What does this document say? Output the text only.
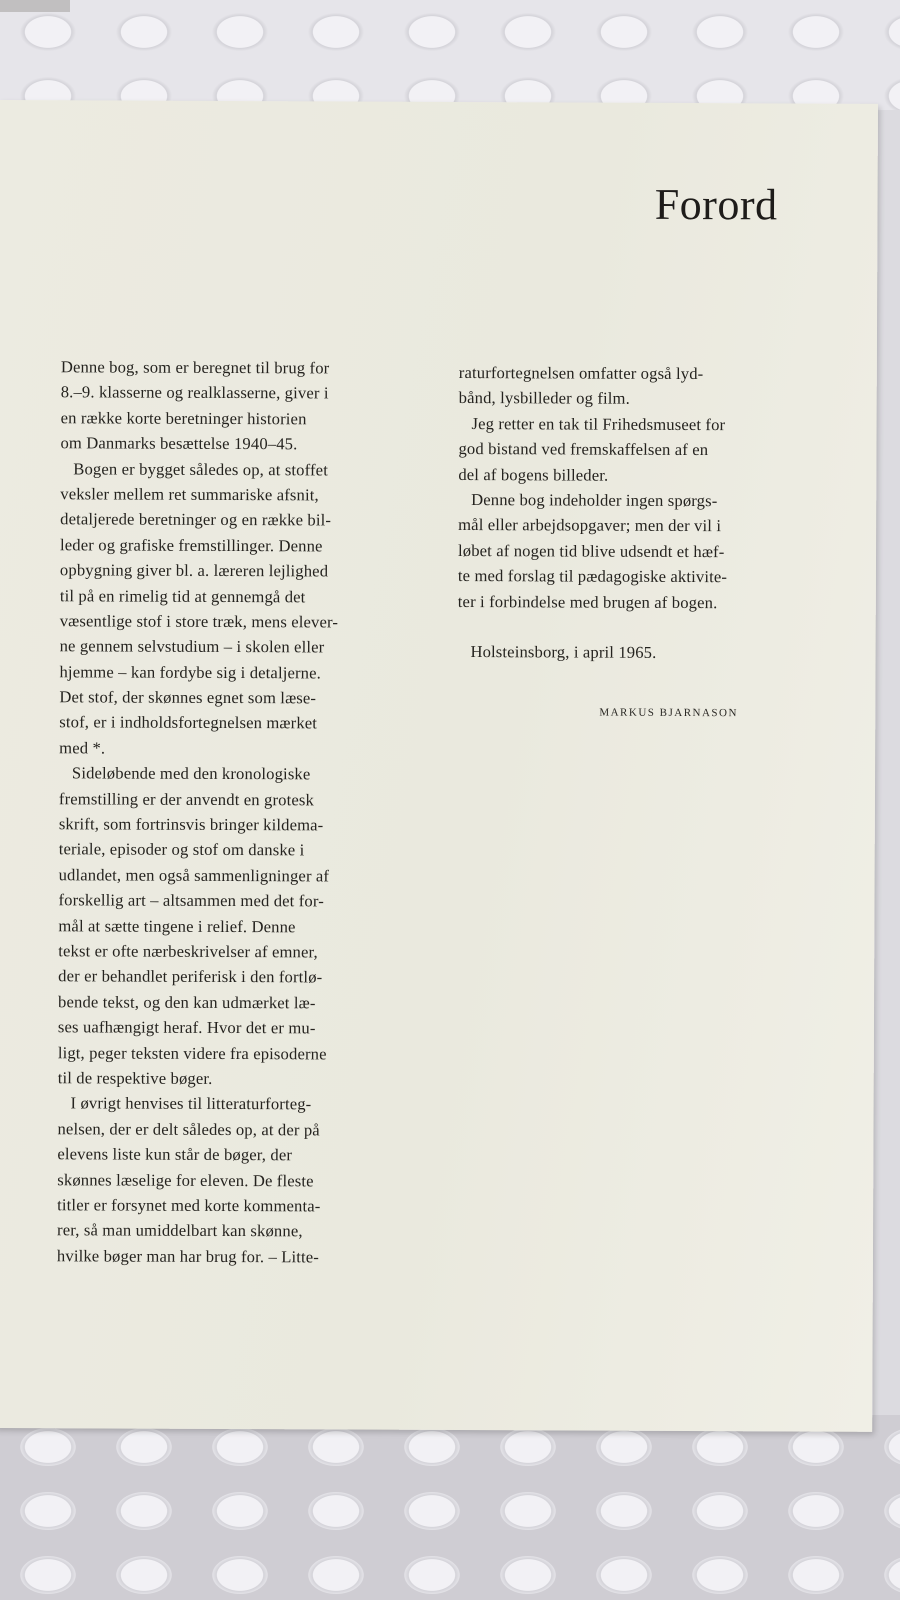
Forord
Denne bog, som er beregnet til brug for
8.–9. klasserne og realklasserne, giver i
en række korte beretninger historien
om Danmarks besættelse 1940–45.
Bogen er bygget således op, at stoffet
veksler mellem ret summariske afsnit,
detaljerede beretninger og en række bil-
leder og grafiske fremstillinger. Denne
opbygning giver bl. a. læreren lejlighed
til på en rimelig tid at gennemgå det
væsentlige stof i store træk, mens elever-
ne gennem selvstudium – i skolen eller
hjemme – kan fordybe sig i detaljerne.
Det stof, der skønnes egnet som læse-
stof, er i indholdsfortegnelsen mærket
med *.
Sideløbende med den kronologiske
fremstilling er der anvendt en grotesk
skrift, som fortrinsvis bringer kildema-
teriale, episoder og stof om danske i
udlandet, men også sammenligninger af
forskellig art – altsammen med det for-
mål at sætte tingene i relief. Denne
tekst er ofte nærbeskrivelser af emner,
der er behandlet periferisk i den fortlø-
bende tekst, og den kan udmærket læ-
ses uafhængigt heraf. Hvor det er mu-
ligt, peger teksten videre fra episoderne
til de respektive bøger.
I øvrigt henvises til litteraturforteg-
nelsen, der er delt således op, at der på
elevens liste kun står de bøger, der
skønnes læselige for eleven. De fleste
titler er forsynet med korte kommenta-
rer, så man umiddelbart kan skønne,
hvilke bøger man har brug for. – Litte-
raturfortegnelsen omfatter også lyd-
bånd, lysbilleder og film.
Jeg retter en tak til Frihedsmuseet for
god bistand ved fremskaffelsen af en
del af bogens billeder.
Denne bog indeholder ingen spørgs-
mål eller arbejdsopgaver; men der vil i
løbet af nogen tid blive udsendt et hæf-
te med forslag til pædagogiske aktivite-
ter i forbindelse med brugen af bogen.
Holsteinsborg, i april 1965.
MARKUS BJARNASON
